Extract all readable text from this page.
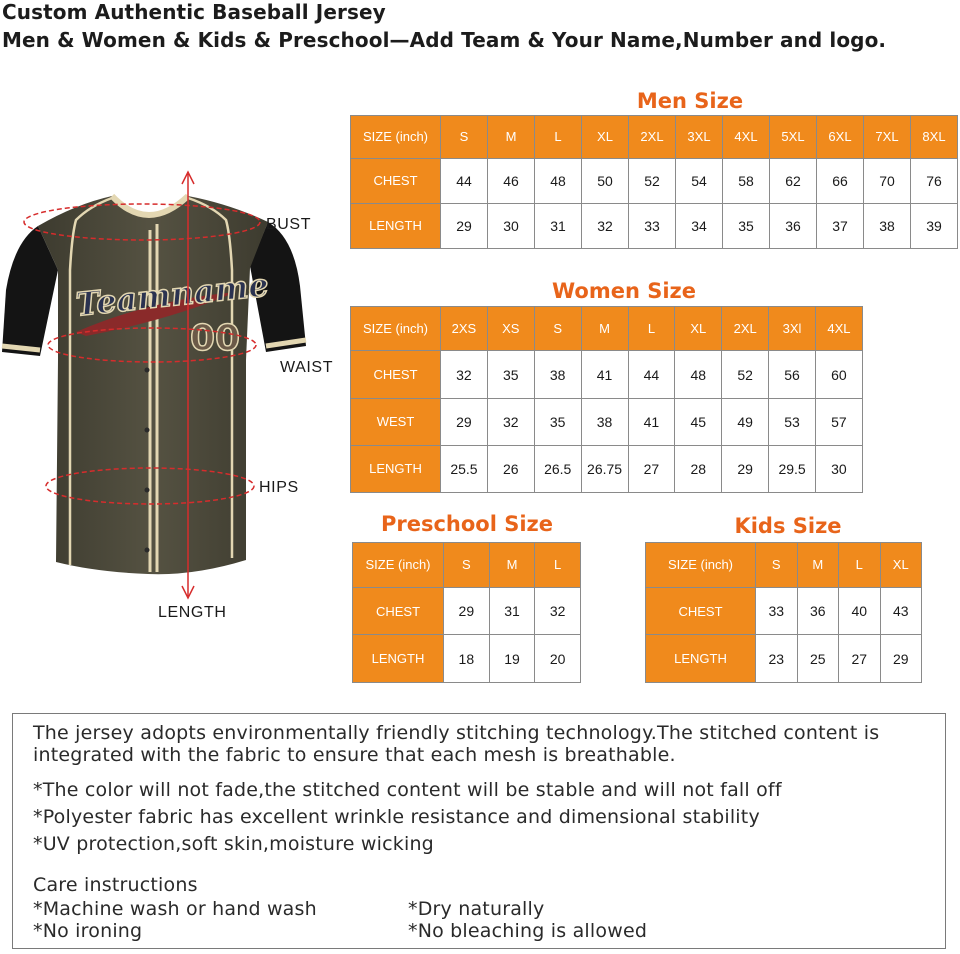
Custom Authentic Baseball Jersey
Men & Women & Kids & Preschool—Add Team & Your Name,Number and logo.
Teamname
00
BUST
WAIST
HIPS
LENGTH
Men Size
SIZE (inch)	S	M	L	XL	2XL	3XL	4XL	5XL	6XL	7XL	8XL
CHEST	44	46	48	50	52	54	58	62	66	70	76
LENGTH	29	30	31	32	33	34	35	36	37	38	39
Women Size
SIZE (inch)	2XS	XS	S	M	L	XL	2XL	3Xl	4XL
CHEST	32	35	38	41	44	48	52	56	60
WEST	29	32	35	38	41	45	49	53	57
LENGTH	25.5	26	26.5	26.75	27	28	29	29.5	30
Preschool Size
SIZE (inch)	S	M	L
CHEST	29	31	32
LENGTH	18	19	20
Kids Size
SIZE (inch)	S	M	L	XL
CHEST	33	36	40	43
LENGTH	23	25	27	29
The jersey adopts environmentally friendly stitching technology.The stitched content is
integrated with the fabric to ensure that each mesh is breathable.
*The color will not fade,the stitched content will be stable and will not fall off
*Polyester fabric has excellent wrinkle resistance and dimensional stability
*UV protection,soft skin,moisture wicking
Care instructions
*Machine wash or hand wash	*Dry naturally
*No ironing	*No bleaching is allowed
